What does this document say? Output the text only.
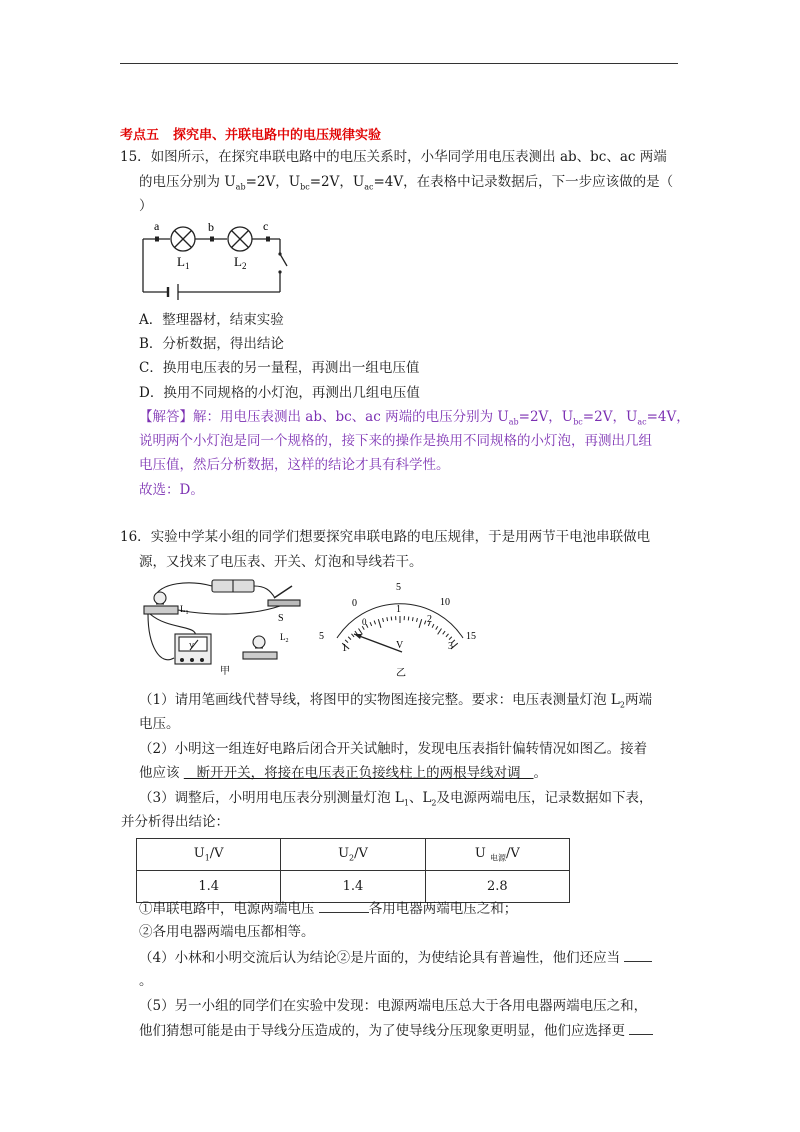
考点五 探究串、并联电路中的电压规律实验
15．如图所示，在探究串联电路中的电压关系时，小华同学用电压表测出 ab、bc、ac 两端
的电压分别为 $U_{ab}=2V$，$U_{bc}=2V$，$U_{ac}=4V$，在表格中记录数据后，下一步应该做的是（
）
a	b	c
$L_1$	$L_2$
A．整理器材，结束实验
B．分析数据，得出结论
C．换用电压表的另一量程，再测出一组电压值
D．换用不同规格的小灯泡，再测出几组电压值
【解答】解：用电压表测出 ab、bc、ac 两端的电压分别为 $U_{ab}=2V$，$U_{bc}=2V$，$U_{ac}=4V$，
说明两个小灯泡是同一个规格的，接下来的操作是换用不同规格的小灯泡，再测出几组
电压值，然后分析数据，这样的结论才具有科学性。
故选：D。
16．实验中学某小组的同学们想要探究串联电路的电压规律，于是用两节干电池串联做电
源，又找来了电压表、开关、灯泡和导线若干。
$L_1$	S
$L_2$
V
甲
0
5
10
15
5
1
1
2
3
0
V
乙
（1）请用笔画线代替导线，将图甲的实物图连接完整。要求：电压表测量灯泡 $L_2$两端
电压。
（2）小明这一组连好电路后闭合开关试触时，发现电压表指针偏转情况如图乙。接着
他应该    断开开关，将接在电压表正负接线柱上的两根导线对调   。
（3）调整后，小明用电压表分别测量灯泡 $L_1$、$L_2$及电源两端电压，记录数据如下表，
并分析得出结论：
$U_1/V$	$U_2/V$	U $_{电源}$/V
1.4	1.4	2.8
①串联电路中，电源两端电压	各用电器两端电压之和；
②各用电器两端电压都相等。
（4）小林和小明交流后认为结论②是片面的，为使结论具有普遍性，他们还应当
。
（5）另一小组的同学们在实验中发现：电源两端电压总大于各用电器两端电压之和，
他们猜想可能是由于导线分压造成的，为了使导线分压现象更明显，他们应选择更
